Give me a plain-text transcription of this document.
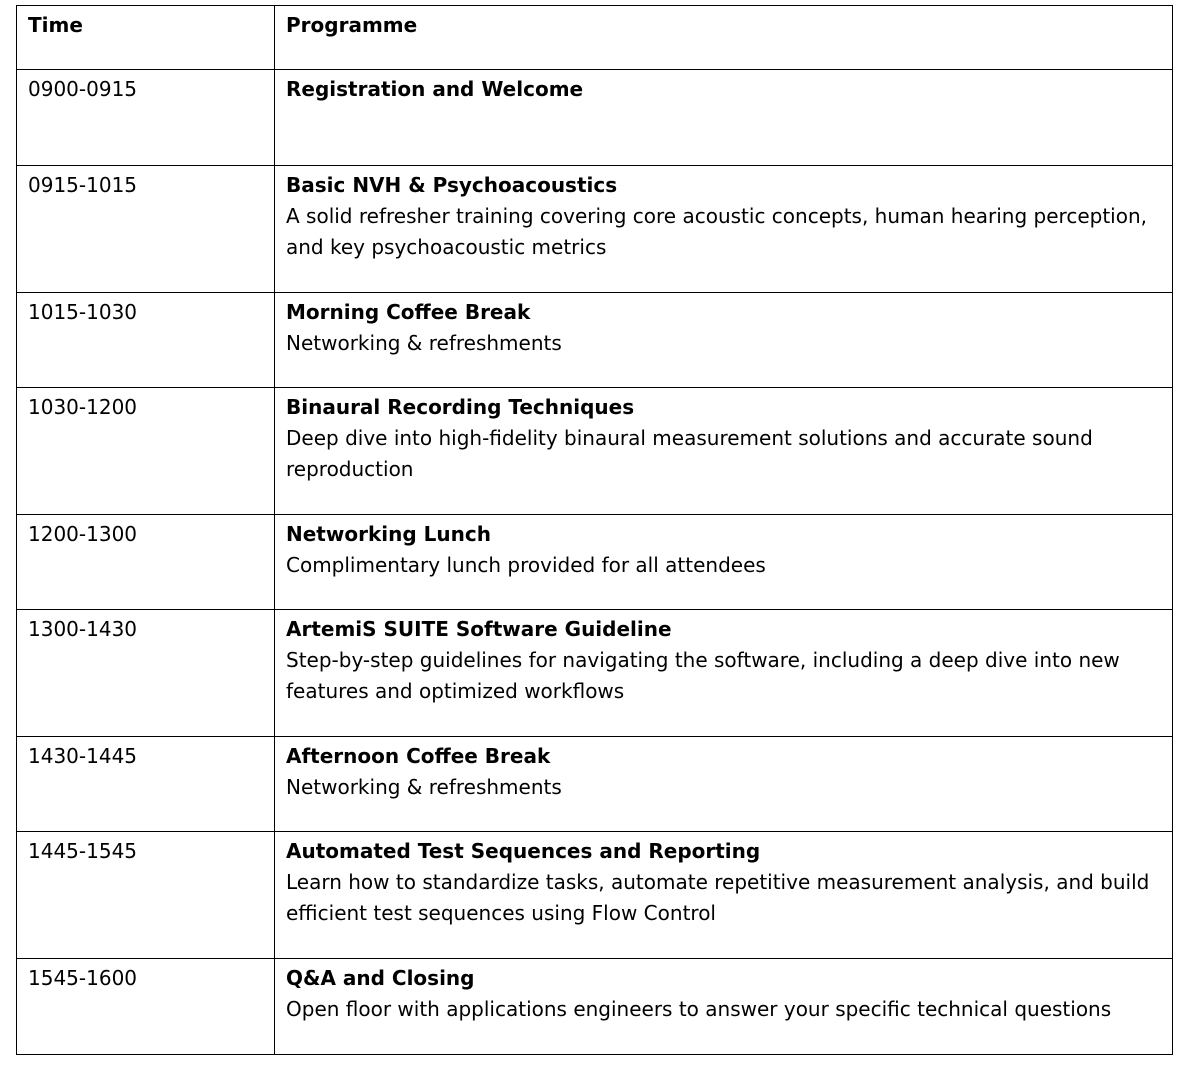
Time	Programme
0900-0915	Registration and Welcome

0915-1015	Basic NVH & Psychoacoustics
A solid refresher training covering core acoustic concepts, human hearing perception, and key psychoacoustic metrics

1015-1030	Morning Coffee Break
Networking & refreshments

1030-1200	Binaural Recording Techniques
Deep dive into high-fidelity binaural measurement solutions and accurate sound reproduction

1200-1300	Networking Lunch
Complimentary lunch provided for all attendees

1300-1430	ArtemiS SUITE Software Guideline
Step-by-step guidelines for navigating the software, including a deep dive into new features and optimized workflows

1430-1445	Afternoon Coffee Break
Networking & refreshments

1445-1545	Automated Test Sequences and Reporting
Learn how to standardize tasks, automate repetitive measurement analysis, and build efficient test sequences using Flow Control

1545-1600	Q&A and Closing
Open floor with applications engineers to answer your specific technical questions
